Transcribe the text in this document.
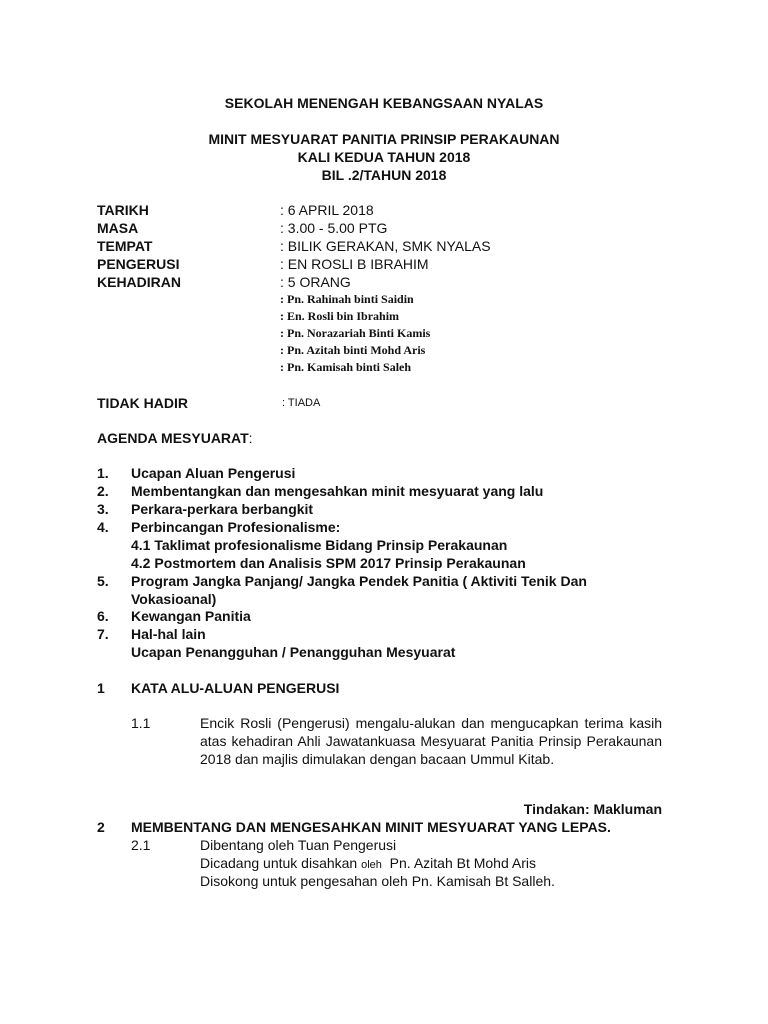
SEKOLAH MENENGAH KEBANGSAAN NYALAS
MINIT MESYUARAT PANITIA PRINSIP PERAKAUNAN
KALI KEDUA TAHUN 2018
BIL .2/TAHUN 2018
TARIKH	: 6 APRIL 2018
MASA	: 3.00 - 5.00 PTG
TEMPAT	: BILIK GERAKAN, SMK NYALAS
PENGERUSI	: EN ROSLI B IBRAHIM
KEHADIRAN	: 5 ORANG
: Pn. Rahinah binti Saidin
: En. Rosli bin Ibrahim
: Pn. Norazariah Binti Kamis
: Pn. Azitah binti Mohd Aris
: Pn. Kamisah binti Saleh
TIDAK HADIR	: TIADA
AGENDA MESYUARAT:
1. Ucapan Aluan Pengerusi
2. Membentangkan dan mengesahkan minit mesyuarat yang lalu
3. Perkara-perkara berbangkit
4. Perbincangan Profesionalisme:
4.1 Taklimat profesionalisme Bidang Prinsip Perakaunan
4.2 Postmortem dan Analisis SPM 2017 Prinsip Perakaunan
5. Program Jangka Panjang/ Jangka Pendek Panitia ( Aktiviti Tenik Dan Vokasioanal)
6. Kewangan Panitia
7. Hal-hal lain
Ucapan Penangguhan / Penangguhan Mesyuarat
1 KATA ALU-ALUAN PENGERUSI
1.1	Encik Rosli (Pengerusi) mengalu-alukan dan mengucapkan terima kasih atas kehadiran Ahli Jawatankuasa Mesyuarat Panitia Prinsip Perakaunan 2018 dan majlis dimulakan dengan bacaan Ummul Kitab.
Tindakan: Makluman
2 MEMBENTANG DAN MENGESAHKAN MINIT MESYUARAT YANG LEPAS.
2.1	Dibentang oleh Tuan Pengerusi
Dicadang untuk disahkan oleh  Pn. Azitah Bt Mohd Aris
Disokong untuk pengesahan oleh Pn. Kamisah Bt Salleh.
